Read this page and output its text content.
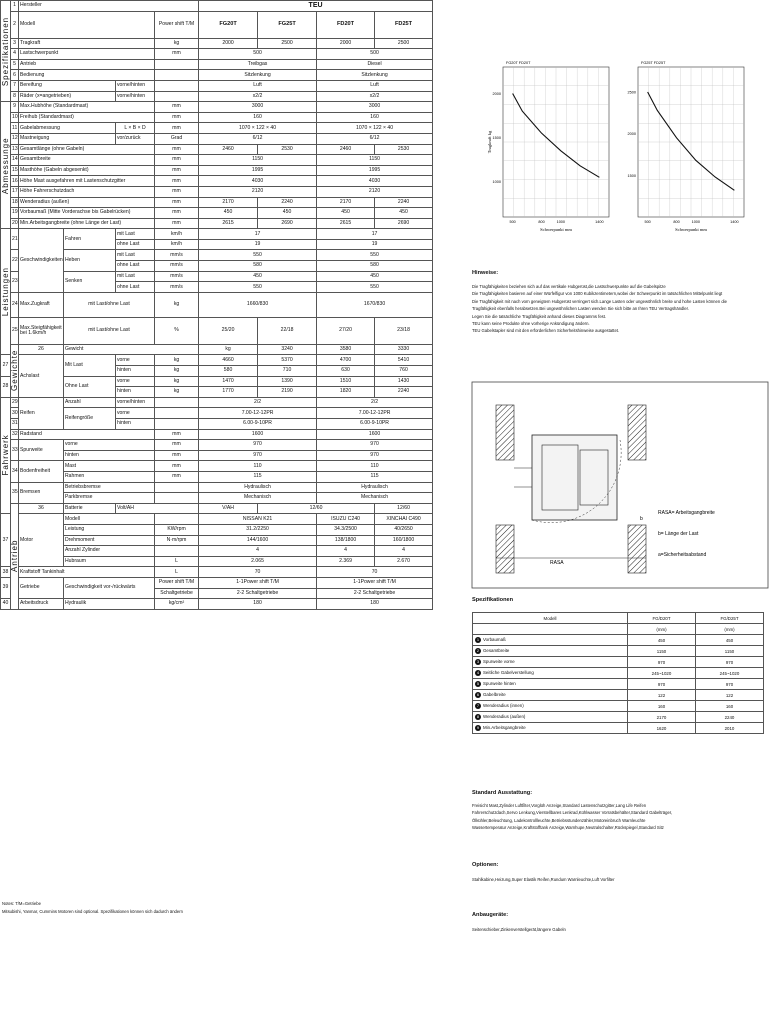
Spezifikationen	1	Hersteller				TEU				
	2	Modell			Power shift T/M	FG20T	FG25T	FD20T	FD25T	
	3	Tragkraft			kg	2000	2500	2000	2500	
	4	Lastschwerpunkt			mm	500		500		
	5	Antrieb				Treibgas		Diesel		
	6	Bedienung				Sitzlenkung		Sitzlenkung		
	7	Bereifung		vorne/hinten		Luft		Luft		
	8	Räder (x=angetrieben)		vorne/hinten		x2/2		x2/2		
Abmessunge	9	Max.Hubhöhe (Standardmast)			mm	3000		3000		
	10	Freihub (Standardmast)			mm	160		160		
	11	Gabelabmessung		L × B × D	mm	1070 × 122 × 40		1070 × 122 × 40		
	12	Mastneigung		vor/zurück	Grad	6/12		6/12		
	13	Gesamtlänge (ohne Gabeln)			mm	2460	2530	2460	2530	
	14	Gesamtbreite			mm	1150		1150		
	15	Masthöhe (Gabeln abgesenkt)			mm	1995		1995		
	16	Höhe Mast ausgefahren mit Lastenschutzgitter			mm	4030		4030		
	17	Höhe Fahrerschutzdach			mm	2120		2120		
	18	Wenderadius (außen)			mm	2170	2240	2170	2240	
	19	Vorbaumaß (Mitte Vorderachse bis Gabelrücken)			mm	450	450	450	450	
	20	Min.Arbeitsgangbreite (ohne Länge der Last)			mm	2615	2690	2615	2690	
Leistungen	21	Geschwindigkeiten	Fahren	mit Last	km/h	17		17		
				ohne Last	km/h	19		19		
	22		Heben	mit Last	mm/s	550		550		
				ohne Last	mm/s	580		580		
	23		Senken	mit Last	mm/s	450		450		
				ohne Last	mm/s	550		550		
	24	Max.Zugkraft	mit Last/ohne Last		kg	1660/830		1670/830		
	25	Max.Steigfähigkeit bei 1.6km/h	mit Last/ohne Last		%	25/20	22/18	27/20	23/18	
	Gewichte	26	Gewicht			kg	3240	3580	3330	
27		Achslast	Mit Last	vorne	kg	4660	5370	4700	5410	
				hinten	kg	580	710	630	760	
28			Ohne Last	vorne	kg	1470	1390	1510	1430	
				hinten	kg	1770	2190	1820	2240	
Fahrwerk	29	Reifen	Anzahl	vorne/hinten		2/2		2/2		
	30		Reifengröße	vorne		7.00-12-12PR		7.00-12-12PR		
	31			hinten		6.00-9-10PR		6.00-9-10PR		
	32	Radstand			mm	1600		1600		
	33	Spurweite	vorne		mm	970		970		
			hinten		mm	970		970		
	34	Bodenfreiheit	Mast		mm	110		110		
			Rahmen		mm	115		115		
	35	Bremsen	Betriebsbremse			Hydraulisch		Hydraulisch		
			Parkbremse			Mechanisch		Mechanisch		
	Antrieb	36	Batterie	Volt/AH		V/AH	12/60		12/60	
37		Motor	Modell			NISSAN K21		ISUZU C240	XINCHAI C490	
			Leistung		KW/rpm	31.2/2250		34.3/2500	40/2650	
			Drehmoment		N·m/rpm	144/1600		138/1800	160/1800	
			Anzahl Zylinder			4		4	4	
			Hubraum		L	2.065		2.369	2.670	
38		Kraftstoff Tankinhalt			L	70		70		
39		Getriebe	Geschwindigkeit vor-/rückwärts		Power shift T/M	1-1Power shift T/M		1-1Power shift T/M		
					Schaltgetriebe	2-2 Schaltgetriebe		2-2 Schaltgetriebe		
40		Arbeitsdruck	Hydraulik		kg/cm²	180		180		
Notes: T/M=Getriebe
Mitsubishi, Yanmar, Cummins Motoren sind optional. Spezifikationen können sich dadurch ändern
500	800	1000	1400
1000
1500
2000
FG20T FD20T
Schwerpunkt mm
Tragkraft kg
500	800	1000	1400
1500
2000
2500
FG25T FD25T
Schwerpunkt mm
Hinweise:
Die Tragfähigkeiten beziehen sich auf das vertikale Hubgerüst,die Lastschwerpunkte auf die Gabelspitze
Die Tragfähigkeiten basieren auf einer Würfelfigur von 1000 Kubikzentimetern,wobei der Schwerpunkt im tatsächlichen Mittelpunkt liegt
Die Tragfähigkeit mit nach vorn geneigtem Hubgerüst verringert sich.Lange Lasten oder ungewöhnlich breite und hohe Lasten können die
Tragfähigkeit ebenfalls herabsetzen.Bei ungewöhnlichen Lasten wenden Sie sich bitte an Ihren TEU Vertragshändler.
Legen Sie die tatsächliche Tragfähigkeit anhand dieses Diagramms fest.
TEU kann seine Produkte ohne vorherige Ankündigung ändern.
TEU Gabelstapler sind mit den erforderlichen Sicherheitshinweise ausgestattet.
RASA
b
RASA= Arbeitsgangbreite
b= Länge der Last
a=Sicherheitsabstand
Spezifikationen
Modell	FG/D20T	FG/D25T
	(mm)	(mm)
1 Vorbaumaß	450	450
2 Gesamtbreite	1150	1150
3 Spurweite vorne	970	970
4 Seitliche Gabelverstellung	245~1020	245~1020
5 Spurweite hinten	970	970
6 Gabelbreite	122	122
7 Wenderadius (innen)	160	160
8 Wenderadius (außen)	2170	2240
9 Min.Arbeitsgangbreite	1620	2010
Standard Ausstattung:
Freisicht Mast,Zylinder Luftfilter,Vorglüh Anzeige,Standard Lastenschutzgitter,Lang Life Reifen
Fahrerschutzdach,Servo Lenkung,Vierstellbares Lenkrad,Kühlwasser Vorratsbehälter,Standard Gabelträger,
Ölkühler,Beleuchtung, Ladekontrollleuchte,Betriebsstundenzähler,Motoreinbruch Warnleuchte
Wassertemperatur Anzeige,Kraftstofftank Anzeige,Warnhupe,Neutralschalter,Rückspiegel,Standard Sitz
Optionen:
Stahlkabine,Heizung,Super Elastik Reifen,Rundum Warnleuchte,Luft Vorfilter
Anbaugeräte:
Seitenschieber,Zinkenverstellgerät,längere Gabeln
